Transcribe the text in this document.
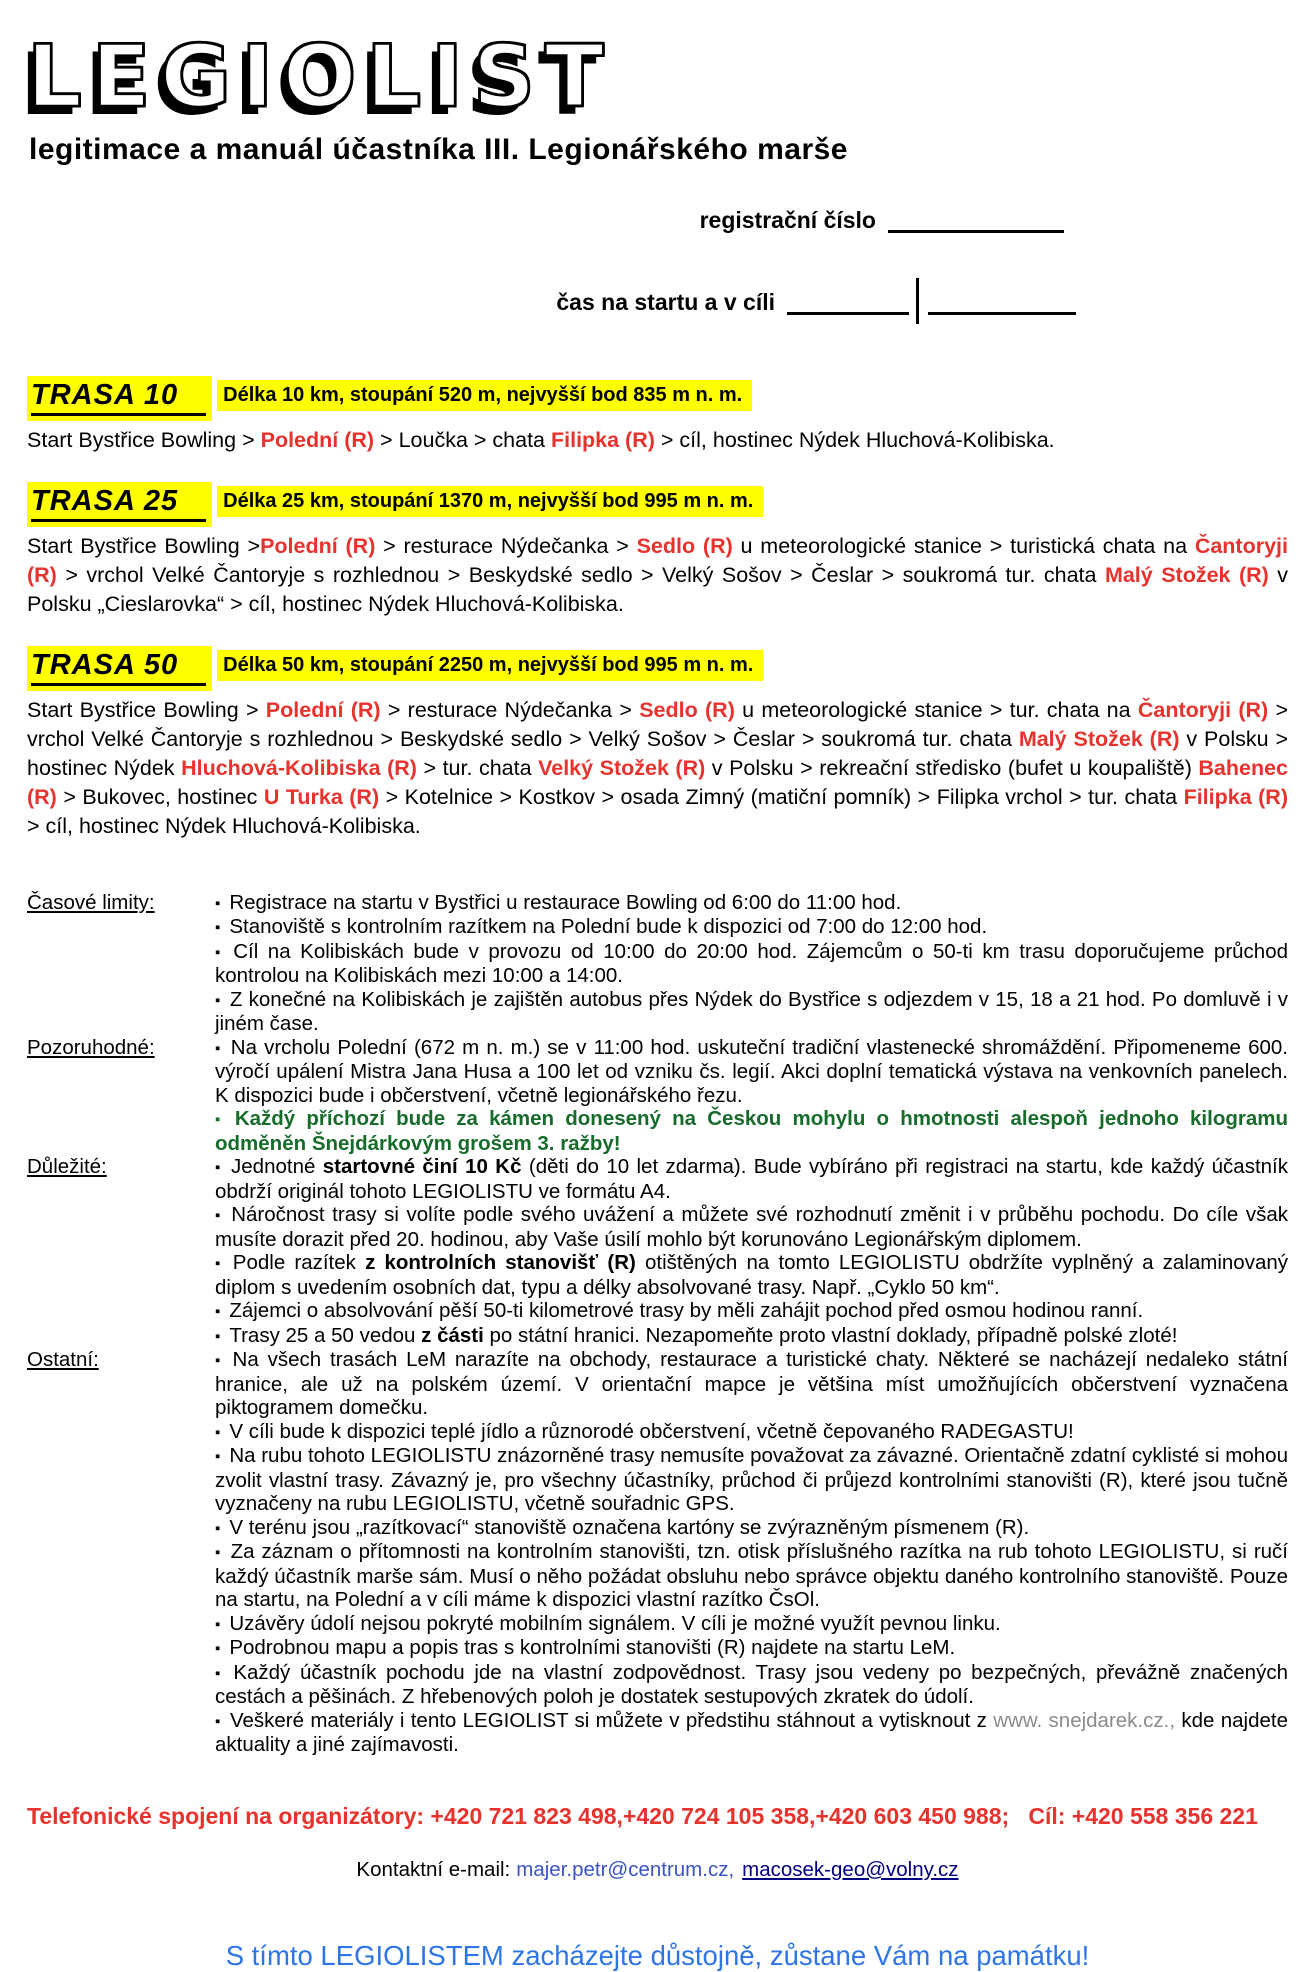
LEGIOLIST
legitimace a manuál účastníka III. Legionářského marše
registrační číslo
čas na startu a v cíli
TRASA 10 Délka 10 km, stoupání 520 m, nejvyšší bod 835 m n. m.

Start Bystřice Bowling > Polední (R) > Loučka > chata Filipka (R) > cíl, hostinec Nýdek Hluchová-Kolibiska.

TRASA 25 Délka 25 km, stoupání 1370 m, nejvyšší bod 995 m n. m.

Start Bystřice Bowling >Polední (R) > resturace Nýdečanka > Sedlo (R) u meteorologické stanice > turistická chata na Čantoryji (R) > vrchol Velké Čantoryje s rozhlednou > Beskydské sedlo > Velký Sošov > Česlar > soukromá tur. chata Malý Stožek (R) v Polsku „Cieslarovka“ > cíl, hostinec Nýdek Hluchová-Kolibiska.

TRASA 50 Délka 50 km, stoupání 2250 m, nejvyšší bod 995 m n. m.

Start Bystřice Bowling > Polední (R) > resturace Nýdečanka > Sedlo (R) u meteorologické stanice > tur. chata na Čantoryji (R) > vrchol Velké Čantoryje s rozhlednou > Beskydské sedlo > Velký Sošov > Česlar > soukromá tur. chata Malý Stožek (R) v Polsku > hostinec Nýdek Hluchová-Kolibiska (R) > tur. chata Velký Stožek (R) v Polsku > rekreační středisko (bufet u koupaliště) Bahenec (R) > Bukovec, hostinec U Turka (R) > Kotelnice > Kostkov > osada Zimný (matiční pomník) > Filipka vrchol > tur. chata Filipka (R) > cíl, hostinec Nýdek Hluchová-Kolibiska.

Časové limity:	▪ Registrace na startu v Bystřici u restaurace Bowling od 6:00 do 11:00 hod.

▪ Stanoviště s kontrolním razítkem na Polední bude k dispozici od 7:00 do 12:00 hod.

▪ Cíl na Kolibiskách bude v provozu od 10:00 do 20:00 hod. Zájemcům o 50-ti km trasu doporučujeme průchod kontrolou na Kolibiskách mezi 10:00 a 14:00.

▪ Z konečné na Kolibiskách je zajištěn autobus přes Nýdek do Bystřice s odjezdem v 15, 18 a 21 hod. Po domluvě i v jiném čase.

Pozoruhodné:	▪ Na vrcholu Polední (672 m n. m.) se v 11:00 hod. uskuteční tradiční vlastenecké shromáždění. Připomeneme 600. výročí upálení Mistra Jana Husa a 100 let od vzniku čs. legií. Akci doplní tematická výstava na venkovních panelech. K dispozici bude i občerstvení, včetně legionářského řezu.

▪ Každý příchozí bude za kámen donesený na Českou mohylu o hmotnosti alespoň jednoho kilogramu odměněn Šnejdárkovým grošem 3. ražby!

Důležité:	▪ Jednotné startovné činí 10 Kč (děti do 10 let zdarma). Bude vybíráno při registraci na startu, kde každý účastník obdrží originál tohoto LEGIOLISTU ve formátu A4.

▪ Náročnost trasy si volíte podle svého uvážení a můžete své rozhodnutí změnit i v průběhu pochodu. Do cíle však musíte dorazit před 20. hodinou, aby Vaše úsilí mohlo být korunováno Legionářským diplomem.

▪ Podle razítek z kontrolních stanovišť (R) otištěných na tomto LEGIOLISTU obdržíte vyplněný a zalaminovaný diplom s uvedením osobních dat, typu a délky absolvované trasy. Např. „Cyklo 50 km“.

▪ Zájemci o absolvování pěší 50-ti kilometrové trasy by měli zahájit pochod před osmou hodinou ranní.

▪ Trasy 25 a 50 vedou z části po státní hranici. Nezapomeňte proto vlastní doklady, případně polské zloté!

Ostatní:	▪ Na všech trasách LeM narazíte na obchody, restaurace a turistické chaty. Některé se nacházejí nedaleko státní hranice, ale už na polském území. V orientační mapce je většina míst umožňujících občerstvení vyznačena piktogramem domečku.

▪ V cíli bude k dispozici teplé jídlo a různorodé občerstvení, včetně čepovaného RADEGASTU!

▪ Na rubu tohoto LEGIOLISTU znázorněné trasy nemusíte považovat za závazné. Orientačně zdatní cyklisté si mohou zvolit vlastní trasy. Závazný je, pro všechny účastníky, průchod či průjezd kontrolními stanovišti (R), které jsou tučně vyznačeny na rubu LEGIOLISTU, včetně souřadnic GPS.

▪ V terénu jsou „razítkovací“ stanoviště označena kartóny se zvýrazněným písmenem (R).

▪ Za záznam o přítomnosti na kontrolním stanovišti, tzn. otisk příslušného razítka na rub tohoto LEGIOLISTU, si ručí každý účastník marše sám. Musí o něho požádat obsluhu nebo správce objektu daného kontrolního stanoviště. Pouze na startu, na Polední a v cíli máme k dispozici vlastní razítko ČsOl.

▪ Uzávěry údolí nejsou pokryté mobilním signálem. V cíli je možné využít pevnou linku.

▪ Podrobnou mapu a popis tras s kontrolními stanovišti (R) najdete na startu LeM.

▪ Každý účastník pochodu jde na vlastní zodpovědnost. Trasy jsou vedeny po bezpečných, převážně značených cestách a pěšinách. Z hřebenových poloh je dostatek sestupových zkratek do údolí.

▪ Veškeré materiály i tento LEGIOLIST si můžete v předstihu stáhnout a vytisknout z www. snejdarek.cz., kde najdete aktuality a jiné zajímavosti.

Telefonické spojení na organizátory: +420 721 823 498,+420 724 105 358,+420 603 450 988;   Cíl: +420 558 356 221

Kontaktní e-mail: majer.petr@centrum.cz, macosek-geo@volny.cz

S tímto LEGIOLISTEM zacházejte důstojně, zůstane Vám na památku!
